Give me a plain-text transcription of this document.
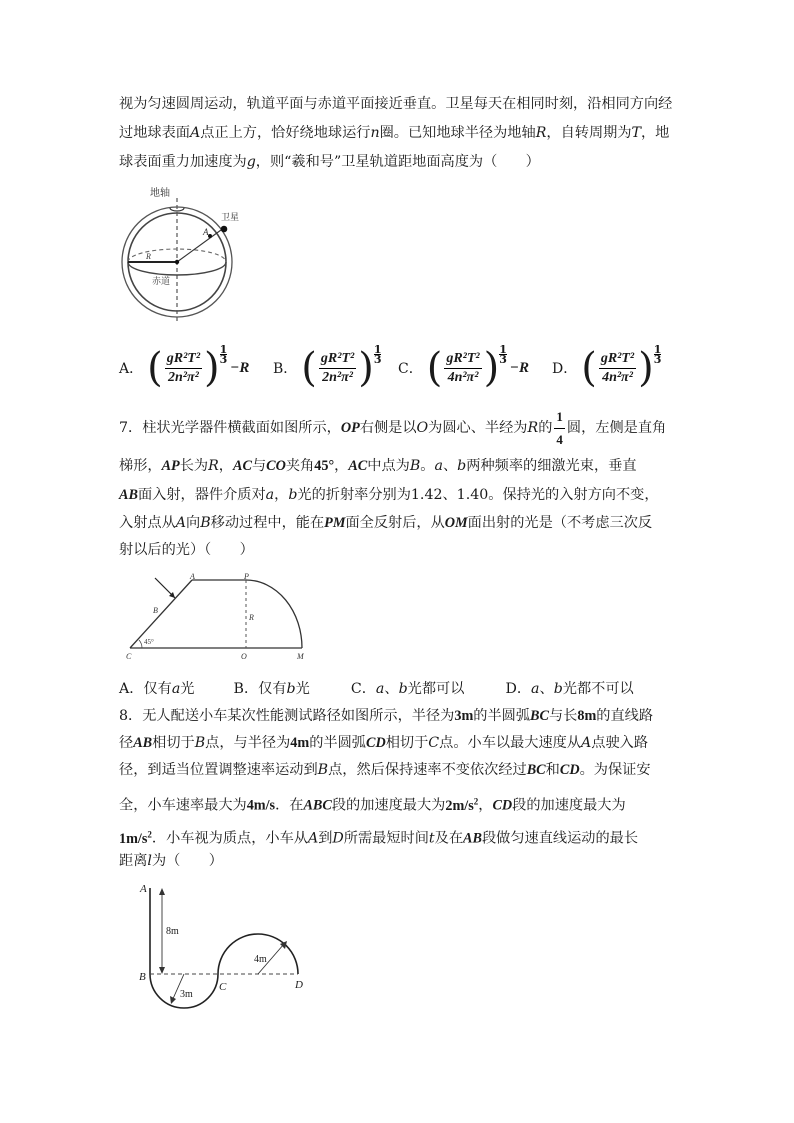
视为匀速圆周运动，轨道平面与赤道平面接近垂直。卫星每天在相同时刻，沿相同方向经
过地球表面A点正上方，恰好绕地球运行n圈。已知地球半径为地轴R，自转周期为T，地
球表面重力加速度为g，则“羲和号”卫星轨道距地面高度为（　　）
地轴
卫星
A
R
赤道
A． ( $\frac{\text{gR²T²}}{\text{2n²π²}}$ ) $\frac{1}{3}$
−R B． ( $\frac{\text{gR²T²}}{\text{2n²π²}}$ ) $\frac{1}{3}$
C． ( $\frac{\text{gR²T²}}{\text{4n²π²}}$ ) $\frac{1}{3}$
−R D． ( $\frac{\text{gR²T²}}{\text{4n²π²}}$ ) $\frac{1}{3}$
7．柱状光学器件横截面如图所示， OP 右侧是以 O 为圆心、半经为 R 的 $\frac{1}{4}$ 圆，左侧是直角
梯形，AP长为R，AC与CO夹角45°，AC中点为B。a、b两种频率的细激光束，垂直
AB面入射，器件介质对a，b光的折射率分别为1.42、1.40。保持光的入射方向不变，
入射点从A向B移动过程中，能在PM面全反射后，从OM面出射的光是（不考虑三次反
射以后的光）（　　）
A	P
B
R
45°
C	O	M
A．仅有a光	B．仅有b光	C．a、b光都可以	D．a、b光都不可以
8．无人配送小车某次性能测试路径如图所示，半径为3m的半圆弧BC与长8m的直线路
径AB相切于B点，与半径为4m的半圆弧CD相切于C点。小车以最大速度从A点驶入路
径，到适当位置调整速率运动到B点，然后保持速率不变依次经过BC和CD。为保证安
全，小车速率最大为4m/s．在ABC段的加速度最大为$2m/s^2$，CD段的加速度最大为
$1m/s^2$．小车视为质点，小车从A到D所需最短时间t及在AB段做匀速直线运动的最长
距离l为（　　）
A
8m
B
3m
C
4m
D
